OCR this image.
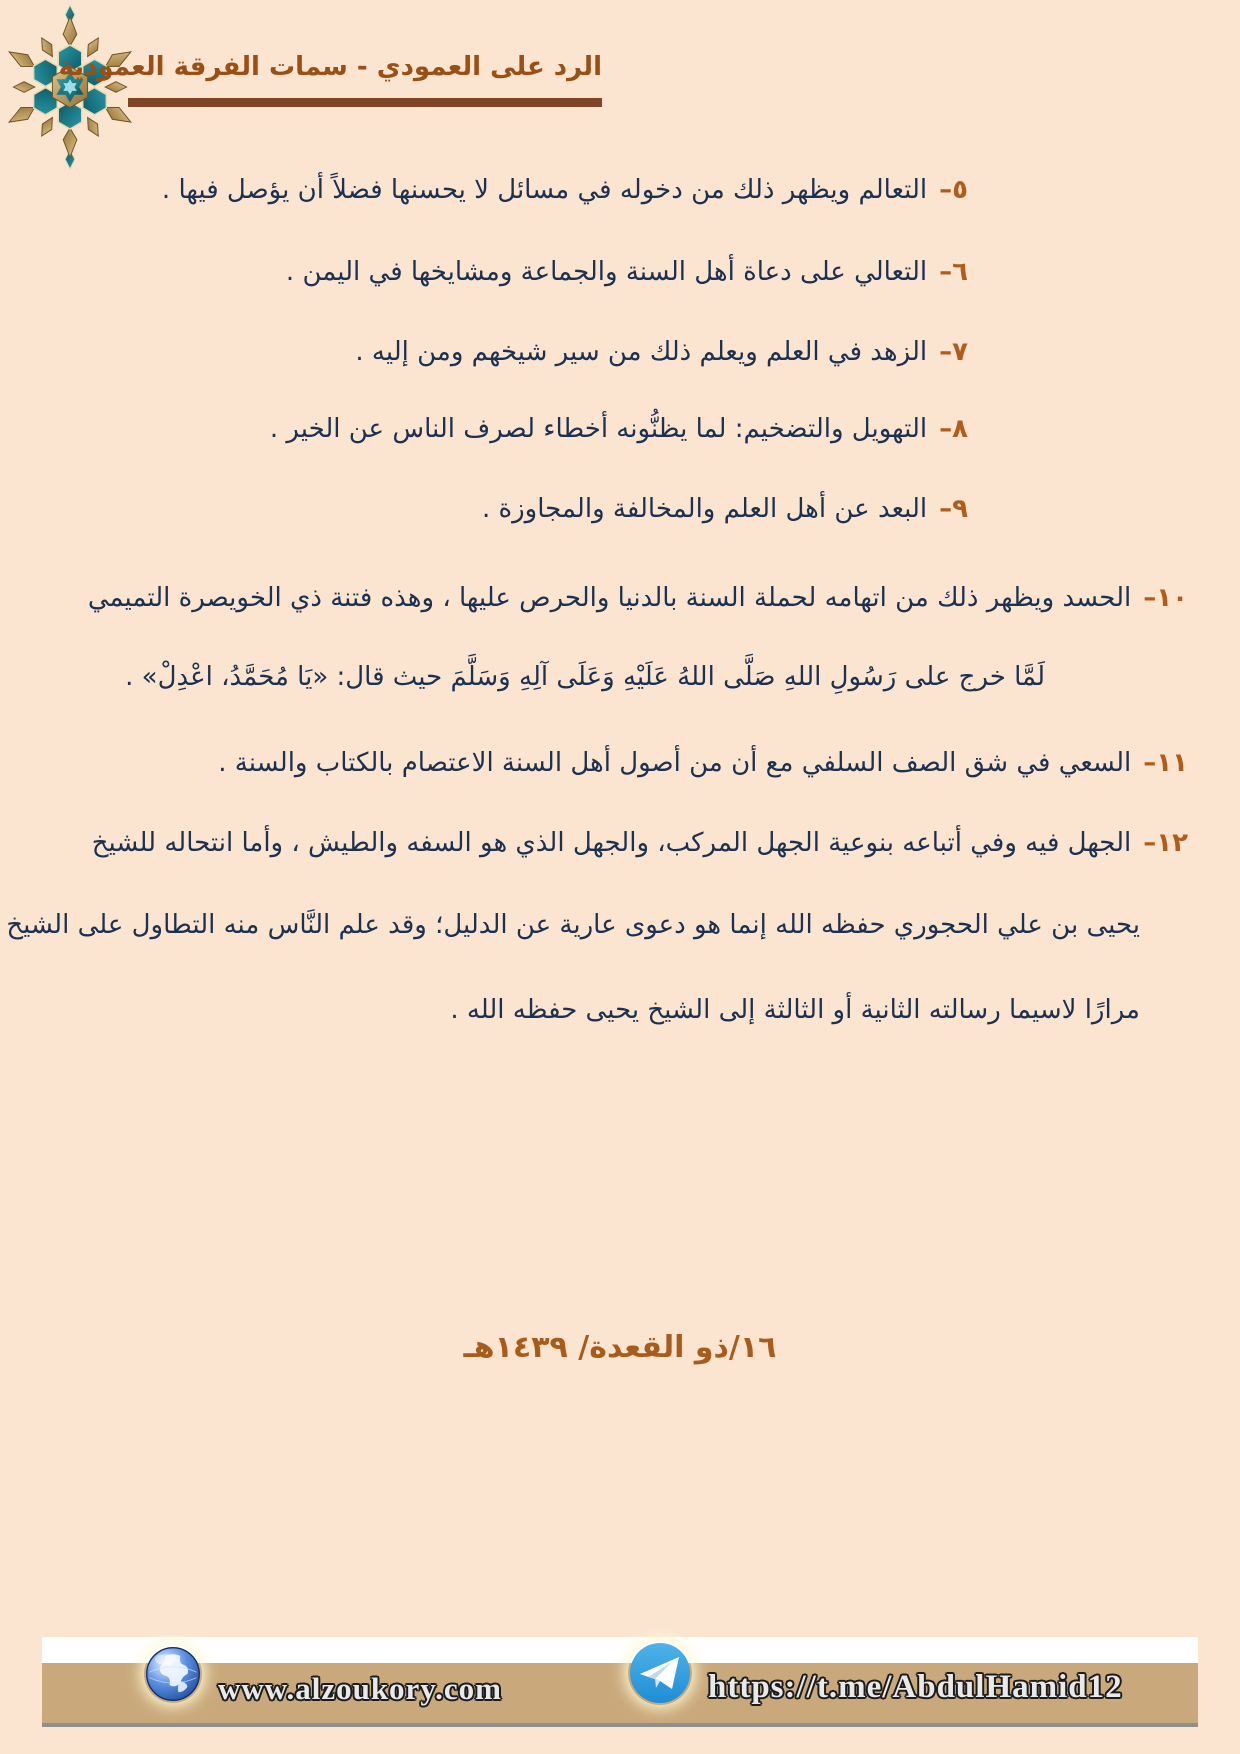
الرد على العمودي - سمات الفرقة العمودية
٥–التعالم ويظهر ذلك من دخوله في مسائل لا يحسنها فضلاً أن يؤصل فيها .
٦–التعالي على دعاة أهل السنة والجماعة ومشايخها في اليمن .
٧–الزهد في العلم ويعلم ذلك من سير شيخهم ومن إليه .
٨–التهويل والتضخيم: لما يظنُّونه أخطاء لصرف الناس عن الخير .
٩–البعد عن أهل العلم والمخالفة والمجاوزة .
١٠–الحسد ويظهر ذلك من اتهامه لحملة السنة بالدنيا والحرص عليها ، وهذه فتنة ذي الخويصرة التميمي
لَمَّا خرج على رَسُولِ اللهِ صَلَّى اللهُ عَلَيْهِ وَعَلَى آلِهِ وَسَلَّمَ حيث قال: «يَا مُحَمَّدُ، اعْدِلْ» .
١١–السعي في شق الصف السلفي مع أن من أصول أهل السنة الاعتصام بالكتاب والسنة .
١٢–الجهل فيه وفي أتباعه بنوعية الجهل المركب، والجهل الذي هو السفه والطيش ، وأما انتحاله للشيخ
يحيى بن علي الحجوري حفظه الله إنما هو دعوى عارية عن الدليل؛ وقد علم النَّاس منه التطاول على الشيخ
مرارًا لاسيما رسالته الثانية أو الثالثة إلى الشيخ يحيى حفظه الله .
١٦/ذو القعدة/ ١٤٣٩هـ
www.alzoukory.com	https://t.me/AbdulHamid12
